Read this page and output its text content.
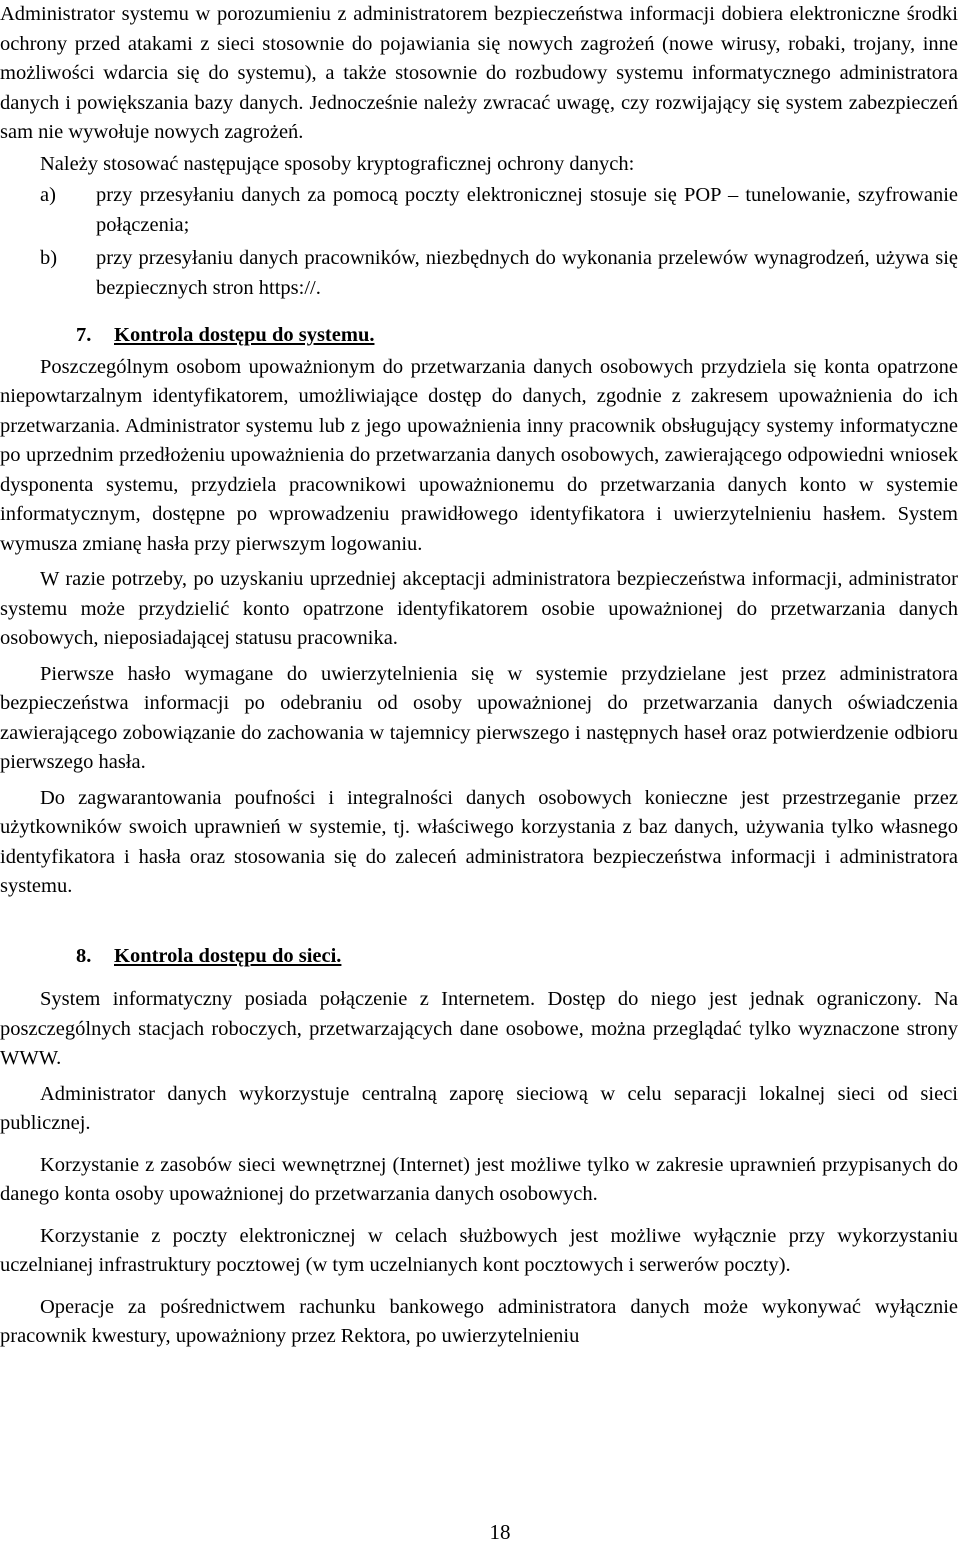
Administrator systemu w porozumieniu z administratorem bezpieczeństwa informacji dobiera elektroniczne środki ochrony przed atakami z sieci stosownie do pojawiania się nowych zagrożeń (nowe wirusy, robaki, trojany, inne możliwości wdarcia się do systemu), a także stosownie do rozbudowy systemu informatycznego administratora danych i powiększania bazy danych. Jednocześnie należy zwracać uwagę, czy rozwijający się system zabezpieczeń sam nie wywołuje nowych zagrożeń.

Należy stosować następujące sposoby kryptograficznej ochrony danych:

a)	przy przesyłaniu danych za pomocą poczty elektronicznej stosuje się POP – tunelowanie, szyfrowanie połączenia;
b)	przy przesyłaniu danych pracowników, niezbędnych do wykonania przelewów wynagrodzeń, używa się bezpiecznych stron https://.

7. Kontrola dostępu do systemu.

Poszczególnym osobom upoważnionym do przetwarzania danych osobowych przydziela się konta opatrzone niepowtarzalnym identyfikatorem, umożliwiające dostęp do danych, zgodnie z zakresem upoważnienia do ich przetwarzania. Administrator systemu lub z jego upoważnienia inny pracownik obsługujący systemy informatyczne po uprzednim przedłożeniu upoważnienia do przetwarzania danych osobowych, zawierającego odpowiedni wniosek dysponenta systemu, przydziela pracownikowi upoważnionemu do przetwarzania danych konto w systemie informatycznym, dostępne po wprowadzeniu prawidłowego identyfikatora i uwierzytelnieniu hasłem. System wymusza zmianę hasła przy pierwszym logowaniu.

W razie potrzeby, po uzyskaniu uprzedniej akceptacji administratora bezpieczeństwa informacji, administrator systemu może przydzielić konto opatrzone identyfikatorem osobie upoważnionej do przetwarzania danych osobowych, nieposiadającej statusu pracownika.

Pierwsze hasło wymagane do uwierzytelnienia się w systemie przydzielane jest przez administratora bezpieczeństwa informacji po odebraniu od osoby upoważnionej do przetwarzania danych oświadczenia zawierającego zobowiązanie do zachowania w tajemnicy pierwszego i następnych haseł oraz potwierdzenie odbioru pierwszego hasła.

Do zagwarantowania poufności i integralności danych osobowych konieczne jest przestrzeganie przez użytkowników swoich uprawnień w systemie, tj. właściwego korzystania z baz danych, używania tylko własnego identyfikatora i hasła oraz stosowania się do zaleceń administratora bezpieczeństwa informacji i administratora systemu.

8. Kontrola dostępu do sieci.

System informatyczny posiada połączenie z Internetem. Dostęp do niego jest jednak ograniczony. Na poszczególnych stacjach roboczych, przetwarzających dane osobowe, można przeglądać tylko wyznaczone strony WWW.

Administrator danych wykorzystuje centralną zaporę sieciową w celu separacji lokalnej sieci od sieci publicznej.

Korzystanie z zasobów sieci wewnętrznej (Internet) jest możliwe tylko w zakresie uprawnień przypisanych do danego konta osoby upoważnionej do przetwarzania danych osobowych.

Korzystanie z poczty elektronicznej w celach służbowych jest możliwe wyłącznie przy wykorzystaniu uczelnianej infrastruktury pocztowej (w tym uczelnianych kont pocztowych i serwerów poczty).

Operacje za pośrednictwem rachunku bankowego administratora danych może wykonywać wyłącznie pracownik kwestury, upoważniony przez Rektora, po uwierzytelnieniu

18
